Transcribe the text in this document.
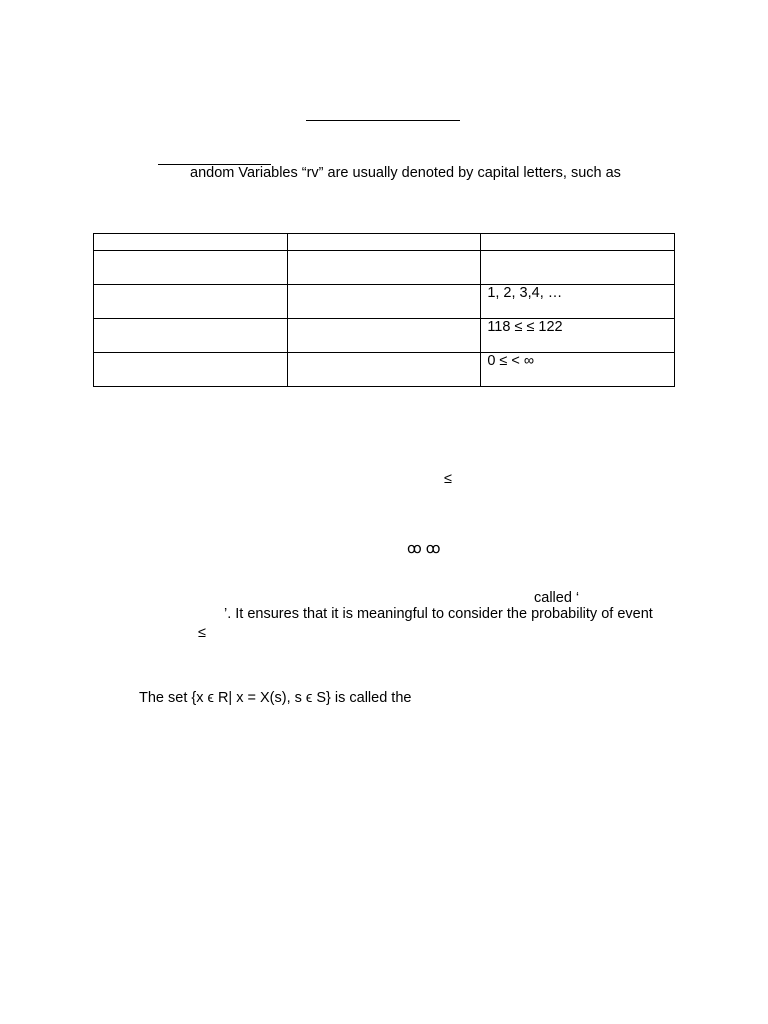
andom Variables “rv” are usually denoted by capital letters, such as

		1, 2, 3,4, …
		118 ≤ ≤ 122
		0 ≤ < ∞
≤
ꝏ ꝏ
called ‘
’. It ensures that it is meaningful to consider the probability of event
≤
The set {x ϵ R| x = X(s), s ϵ S} is called the
